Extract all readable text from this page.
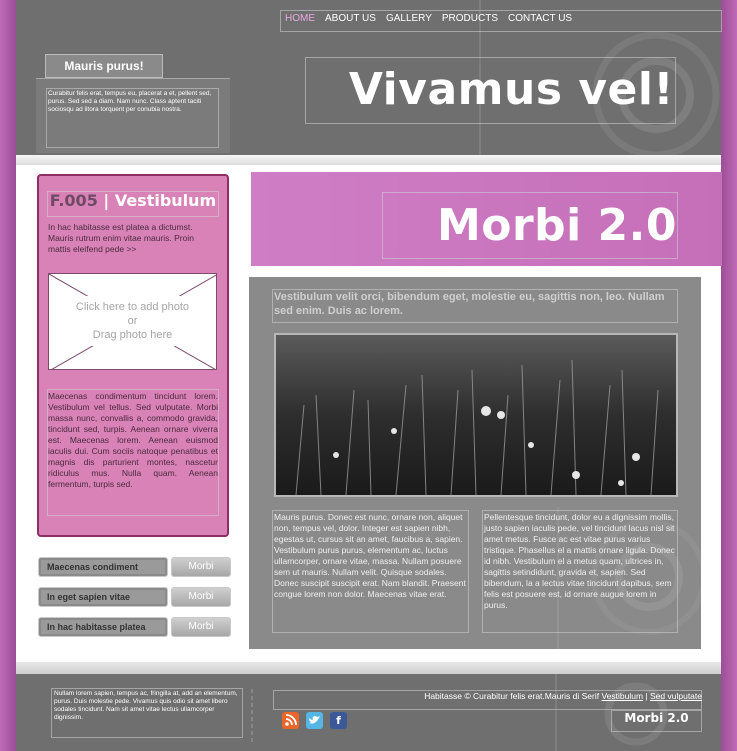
HOME ABOUT US GALLERY PRODUCTS CONTACT US
Vivamus vel!
Mauris purus!
Curabitur felis erat, tempus eu, placerat a et, pellent sed, purus. Sed sed a diam. Nam nunc. Class aptent taciti sociosqu ad litora torquent per conubia nostra.
F.005 | Vestibulum
In hac habitasse est platea a dictumst. Mauris rutrum enim vitae mauris. Proin mattis eleifend pede >>
Click here to add photo
or
Drag photo here
Maecenas condimentum tincidunt lorem. Vestibulum vel tellus. Sed vulputate. Morbi massa nunc, convallis a, commodo gravida, tincidunt sed, turpis. Aenean ornare viverra est. Maecenas lorem. Aenean euismod iaculis dui. Cum sociis natoque penatibus et magnis dis parturient montes, nascetur ridiculus mus. Nulla quam. Aenean fermentum, turpis sed.
Maecenas condiment	Morbi
In eget sapien vitae	Morbi
In hac habitasse platea	Morbi
Morbi 2.0
Vestibulum velit orci, bibendum eget, molestie eu, sagittis non, leo. Nullam sed enim. Duis ac lorem.
Mauris purus. Donec est nunc, ornare non, aliquet non, tempus vel, dolor. Integer est sapien nibh, egestas ut, cursus sit an amet, faucibus a, sapien. Vestibulum purus purus, elementum ac, luctus ullamcorper, ornare vitae, massa. Nullam posuere sem ut mauris. Nullam velit. Quisque sodales. Donec suscipit suscipit erat. Nam blandit. Praesent congue lorem non dolor. Maecenas vitae erat.
Pellentesque tincidunt, dolor eu a dignissim mollis, justo sapien iaculis pede, vel tincidunt lacus nisl sit amet metus. Fusce ac est vitae purus varius tristique. Phasellus el a mattis ornare ligula. Donec id nibh. Vestibulum el a metus quam, ultrices in, sagittis setindidunt, gravida et, sapien. Sed bibendum, la a lectus vitae tincidunt dapibus, sem felis est posuere est, id ornare augue lorem in purus.
Nullam lorem sapien, tempus ac, fringilla at, add an elementum, purus. Duis molestie pede. Vivamus quis odio sit amet libero sodales tincidunt. Nam sit amet vitae lectus ullamcorper dignissim.
Habitasse © Curabitur felis erat.Mauris di Serif Vestibulum | Sed vulputate
f	Morbi 2.0
